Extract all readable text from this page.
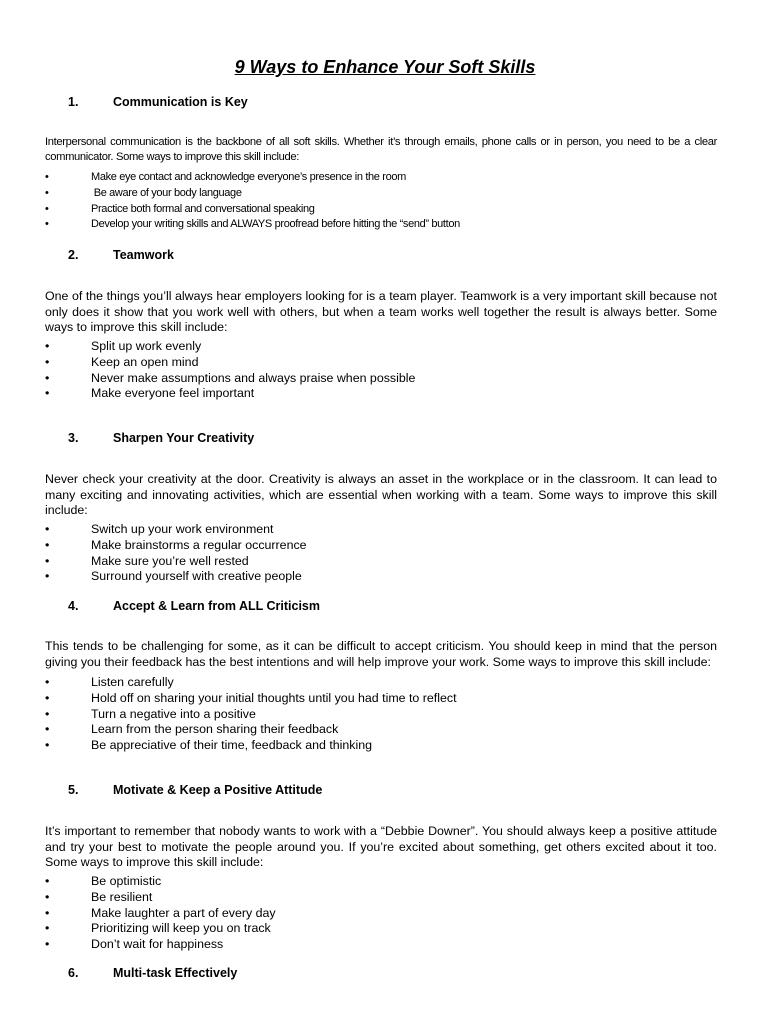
9 Ways to Enhance Your Soft Skills
1.	Communication is Key
Interpersonal communication is the backbone of all soft skills. Whether it’s through emails, phone calls or in person, you need to be a clear communicator. Some ways to improve this skill include:
•	Make eye contact and acknowledge everyone’s presence in the room
•	Be aware of your body language
•	Practice both formal and conversational speaking
•	Develop your writing skills and ALWAYS proofread before hitting the “send” button
2.	Teamwork
One of the things you’ll always hear employers looking for is a team player. Teamwork is a very important skill because not only does it show that you work well with others, but when a team works well together the result is always better. Some ways to improve this skill include:
•	Split up work evenly
•	Keep an open mind
•	Never make assumptions and always praise when possible
•	Make everyone feel important
3.	Sharpen Your Creativity
Never check your creativity at the door. Creativity is always an asset in the workplace or in the classroom. It can lead to many exciting and innovating activities, which are essential when working with a team. Some ways to improve this skill include:
•	Switch up your work environment
•	Make brainstorms a regular occurrence
•	Make sure you’re well rested
•	Surround yourself with creative people
4.	Accept & Learn from ALL Criticism
This tends to be challenging for some, as it can be difficult to accept criticism. You should keep in mind that the person giving you their feedback has the best intentions and will help improve your work. Some ways to improve this skill include:
•	Listen carefully
•	Hold off on sharing your initial thoughts until you had time to reflect
•	Turn a negative into a positive
•	Learn from the person sharing their feedback
•	Be appreciative of their time, feedback and thinking
5.	Motivate & Keep a Positive Attitude
It’s important to remember that nobody wants to work with a “Debbie Downer”. You should always keep a positive attitude and try your best to motivate the people around you. If you’re excited about something, get others excited about it too. Some ways to improve this skill include:
•	Be optimistic
•	Be resilient
•	Make laughter a part of every day
•	Prioritizing will keep you on track
•	Don’t wait for happiness
6.	Multi-task Effectively
